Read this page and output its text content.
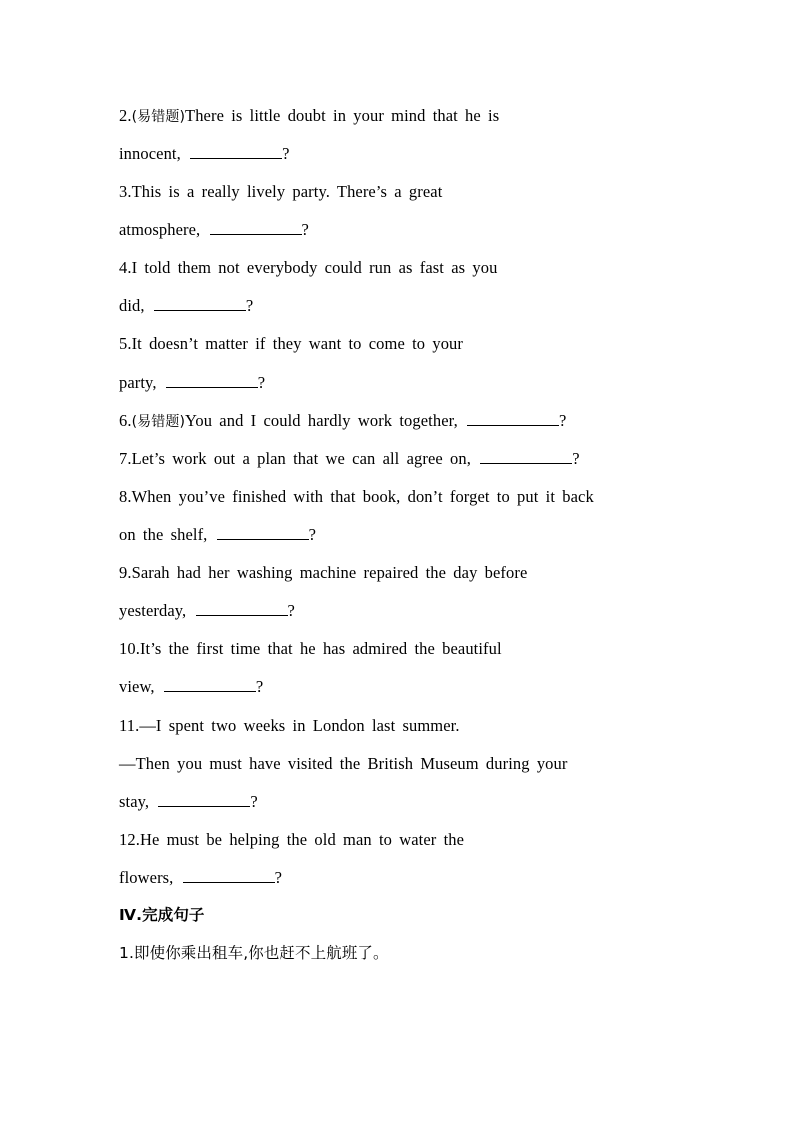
2.(易错题)There is little doubt in your mind that he is
innocent,	?
3.This is a really lively party. There’s a great
atmosphere,	?
4.I told them not everybody could run as fast as you
did,	?
5.It doesn’t matter if they want to come to your
party,	?
6.(易错题)You and I could hardly work together,	?
7.Let’s work out a plan that we can all agree on,	?
8.When you’ve finished with that book, don’t forget to put it back
on the shelf,	?
9.Sarah had her washing machine repaired the day before
yesterday,	?
10.It’s the first time that he has admired the beautiful
view,	?
11.—I spent two weeks in London last summer.
—Then you must have visited the British Museum during your
stay,	?
12.He must be helping the old man to water the
flowers,	?
Ⅳ.完成句子
1.即使你乘出租车,你也赶不上航班了。
